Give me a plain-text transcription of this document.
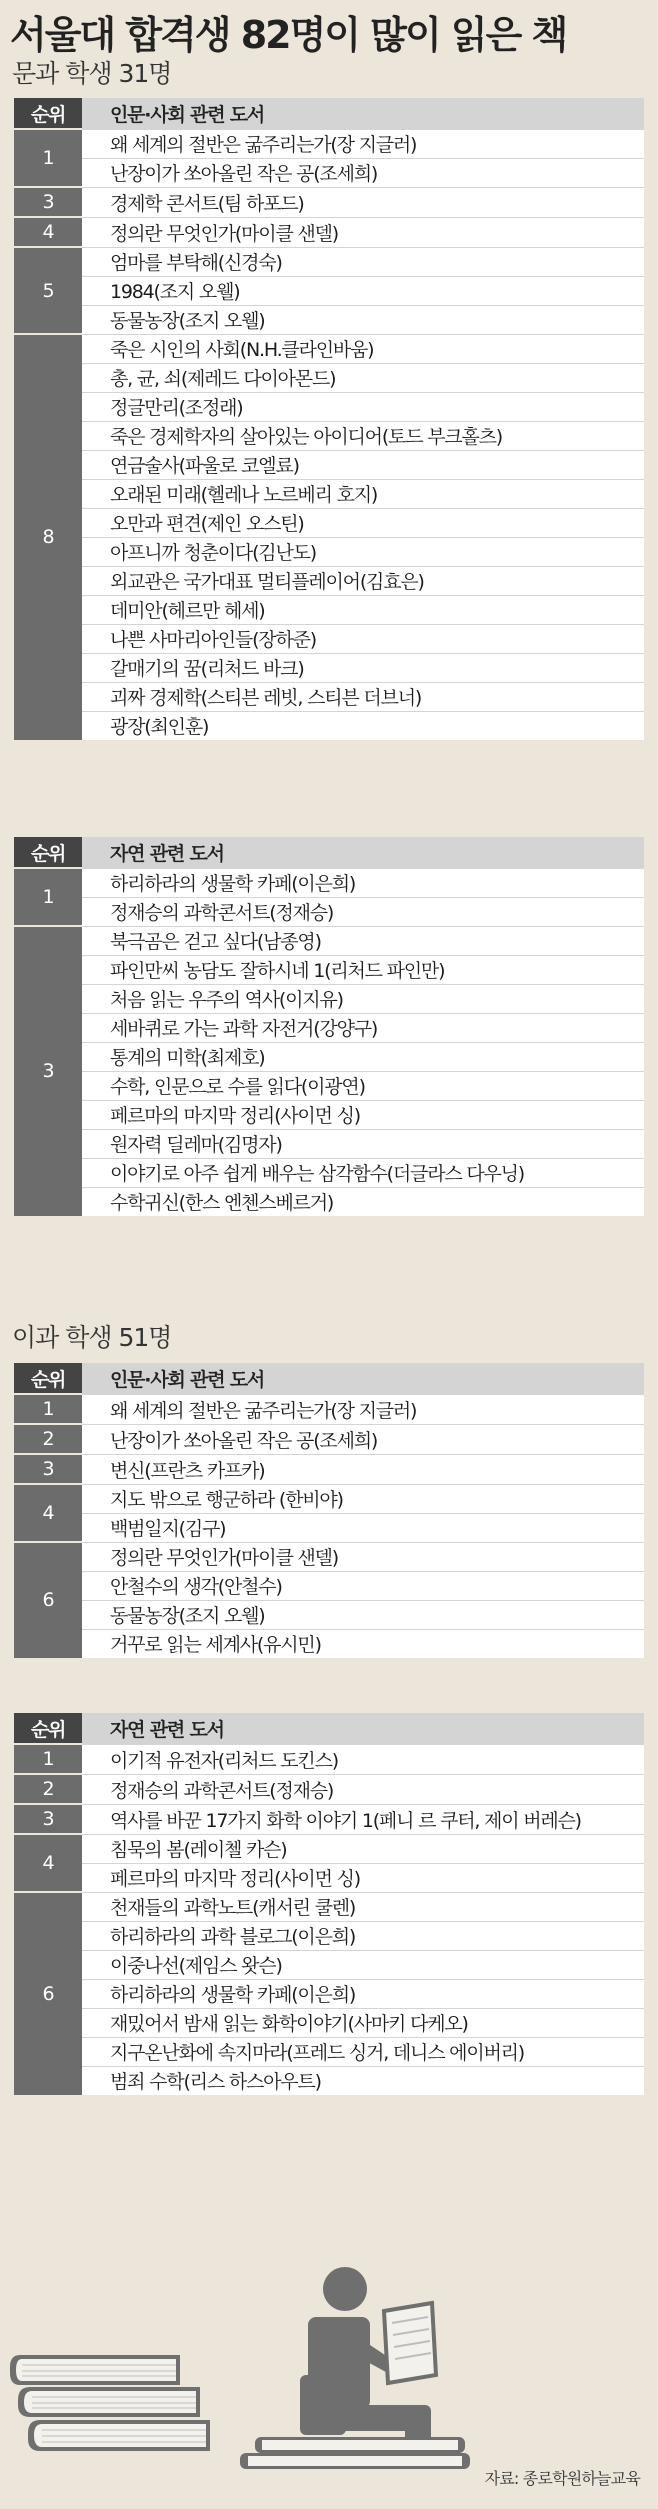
서울대 합격생 82명이 많이 읽은 책
문과 학생 31명
순위	인문·사회 관련 도서
1	왜 세계의 절반은 굶주리는가(장 지글러)
	난장이가 쏘아올린 작은 공(조세희)
3	경제학 콘서트(팀 하포드)
4	정의란 무엇인가(마이클 샌델)
5	엄마를 부탁해(신경숙)
	1984(조지 오웰)
	동물농장(조지 오웰)
8	죽은 시인의 사회(N.H.클라인바움)
	총, 균, 쇠(제레드 다이아몬드)
	정글만리(조정래)
	죽은 경제학자의 살아있는 아이디어(토드 부크홀츠)
	연금술사(파울로 코엘료)
	오래된 미래(헬레나 노르베리 호지)
	오만과 편견(제인 오스틴)
	아프니까 청춘이다(김난도)
	외교관은 국가대표 멀티플레이어(김효은)
	데미안(헤르만 헤세)
	나쁜 사마리아인들(장하준)
	갈매기의 꿈(리처드 바크)
	괴짜 경제학(스티븐 레빗, 스티븐 더브너)
	광장(최인훈)
순위	자연 관련 도서
1	하리하라의 생물학 카페(이은희)
	정재승의 과학콘서트(정재승)
3	북극곰은 걷고 싶다(남종영)
	파인만씨 농담도 잘하시네 1(리처드 파인만)
	처음 읽는 우주의 역사(이지유)
	세바퀴로 가는 과학 자전거(강양구)
	통계의 미학(최제호)
	수학, 인문으로 수를 읽다(이광연)
	페르마의 마지막 정리(사이먼 싱)
	원자력 딜레마(김명자)
	이야기로 아주 쉽게 배우는 삼각함수(더글라스 다우닝)
	수학귀신(한스 엔첸스베르거)
이과 학생 51명
순위	인문·사회 관련 도서
1	왜 세계의 절반은 굶주리는가(장 지글러)
2	난장이가 쏘아올린 작은 공(조세희)
3	변신(프란츠 카프카)
4	지도 밖으로 행군하라 (한비야)
	백범일지(김구)
6	정의란 무엇인가(마이클 샌델)
	안철수의 생각(안철수)
	동물농장(조지 오웰)
	거꾸로 읽는 세계사(유시민)
순위	자연 관련 도서
1	이기적 유전자(리처드 도킨스)
2	정재승의 과학콘서트(정재승)
3	역사를 바꾼 17가지 화학 이야기 1(페니 르 쿠터, 제이 버레슨)
4	침묵의 봄(레이첼 카슨)
	페르마의 마지막 정리(사이먼 싱)
6	천재들의 과학노트(캐서린 쿨렌)
	하리하라의 과학 블로그(이은희)
	이중나선(제임스 왓슨)
	하리하라의 생물학 카페(이은희)
	재밌어서 밤새 읽는 화학이야기(사마키 다케오)
	지구온난화에 속지마라(프레드 싱거, 데니스 에이버리)
	범죄 수학(리스 하스아우트)
자료: 종로학원하늘교육
